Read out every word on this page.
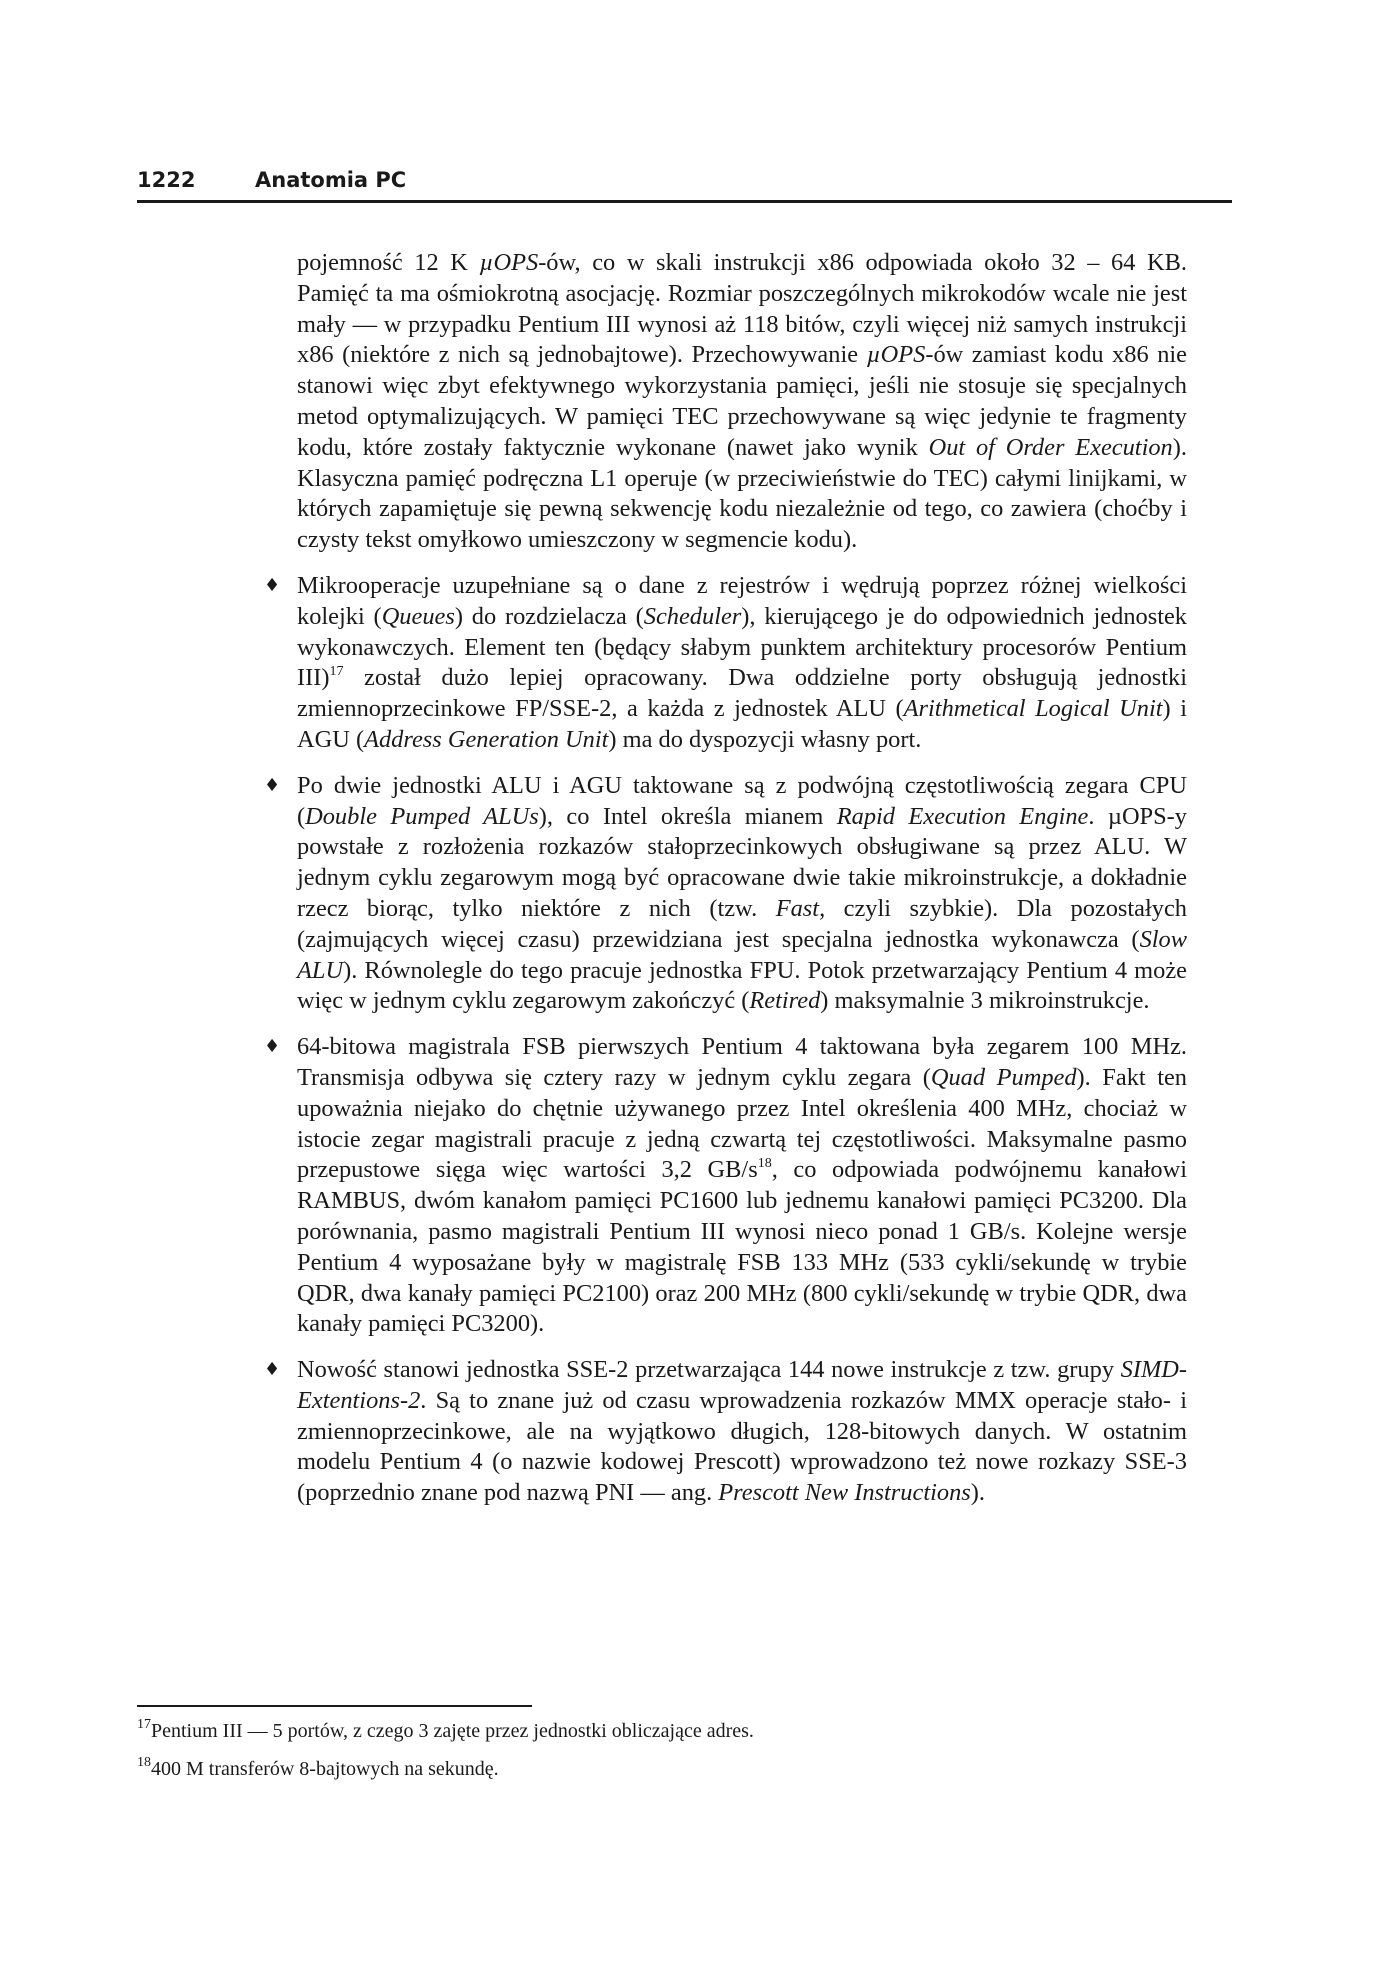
1222	Anatomia PC

pojemność 12 K µOPS-ów, co w skali instrukcji x86 odpowiada około 32 – 64 KB. Pamięć ta ma ośmiokrotną asocjację. Rozmiar poszczególnych mikrokodów wcale nie jest mały — w przypadku Pentium III wynosi aż 118 bitów, czyli więcej niż samych instrukcji x86 (niektóre z nich są jednobajtowe). Przechowywanie µOPS-ów zamiast kodu x86 nie stanowi więc zbyt efektywnego wykorzystania pamięci, jeśli nie stosuje się specjalnych metod optymalizujących. W pamięci TEC przechowywane są więc jedynie te fragmenty kodu, które zostały faktycznie wykonane (nawet jako wynik Out of Order Execution). Klasyczna pamięć podręczna L1 operuje (w przeciwieństwie do TEC) całymi linijkami, w których zapamiętuje się pewną sekwencję kodu niezależnie od tego, co zawiera (choćby i czysty tekst omyłkowo umieszczony w segmencie kodu).

♦ Mikrooperacje uzupełniane są o dane z rejestrów i wędrują poprzez różnej wielkości kolejki (Queues) do rozdzielacza (Scheduler), kierującego je do odpowiednich jednostek wykonawczych. Element ten (będący słabym punktem architektury procesorów Pentium III)$^{17}$ został dużo lepiej opracowany. Dwa oddzielne porty obsługują jednostki zmiennoprzecinkowe FP/SSE-2, a każda z jednostek ALU (Arithmetical Logical Unit) i AGU (Address Generation Unit) ma do dyspozycji własny port.
♦ Po dwie jednostki ALU i AGU taktowane są z podwójną częstotliwością zegara CPU (Double Pumped ALUs), co Intel określa mianem Rapid Execution Engine. µOPS-y powstałe z rozłożenia rozkazów stałoprzecinkowych obsługiwane są przez ALU. W jednym cyklu zegarowym mogą być opracowane dwie takie mikroinstrukcje, a dokładnie rzecz biorąc, tylko niektóre z nich (tzw. Fast, czyli szybkie). Dla pozostałych (zajmujących więcej czasu) przewidziana jest specjalna jednostka wykonawcza (Slow ALU). Równolegle do tego pracuje jednostka FPU. Potok przetwarzający Pentium 4 może więc w jednym cyklu zegarowym zakończyć (Retired) maksymalnie 3 mikroinstrukcje.
♦ 64-bitowa magistrala FSB pierwszych Pentium 4 taktowana była zegarem 100 MHz. Transmisja odbywa się cztery razy w jednym cyklu zegara (Quad Pumped). Fakt ten upoważnia niejako do chętnie używanego przez Intel określenia 400 MHz, chociaż w istocie zegar magistrali pracuje z jedną czwartą tej częstotliwości. Maksymalne pasmo przepustowe sięga więc wartości 3,2 $GB/s^{18}$, co odpowiada podwójnemu kanałowi RAMBUS, dwóm kanałom pamięci PC1600 lub jednemu kanałowi pamięci PC3200. Dla porównania, pasmo magistrali Pentium III wynosi nieco ponad 1 GB/s. Kolejne wersje Pentium 4 wyposażane były w magistralę FSB 133 MHz (533 cykli/sekundę w trybie QDR, dwa kanały pamięci PC2100) oraz 200 MHz (800 cykli/sekundę w trybie QDR, dwa kanały pamięci PC3200).
♦ Nowość stanowi jednostka SSE-2 przetwarzająca 144 nowe instrukcje z tzw. grupy SIMD-Extentions-2. Są to znane już od czasu wprowadzenia rozkazów MMX operacje stało- i zmiennoprzecinkowe, ale na wyjątkowo długich, 128-bitowych danych. W ostatnim modelu Pentium 4 (o nazwie kodowej Prescott) wprowadzono też nowe rozkazy SSE-3 (poprzednio znane pod nazwą PNI — ang. Prescott New Instructions).

$^{17}$Pentium III — 5 portów, z czego 3 zajęte przez jednostki obliczające adres.

$^{18}$400 M transferów 8-bajtowych na sekundę.
